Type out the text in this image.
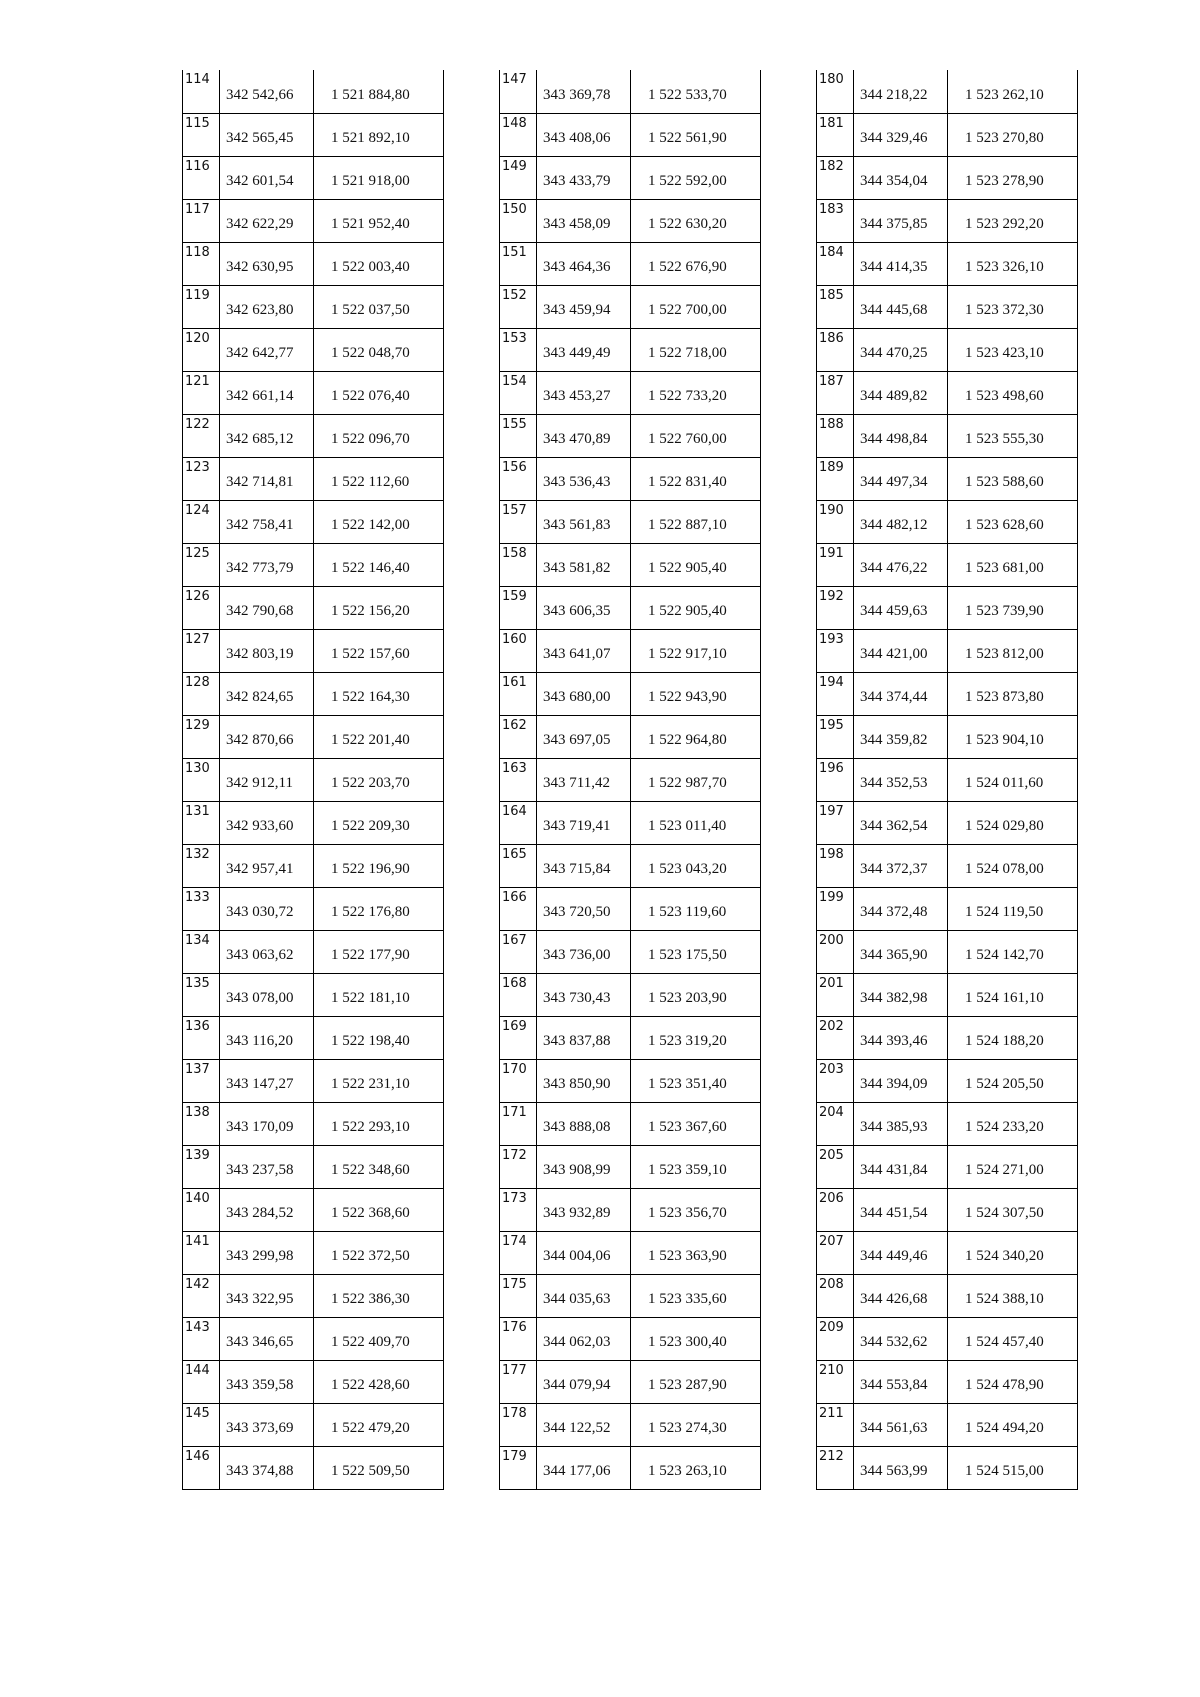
114	342 542,66	1 521 884,80
115	342 565,45	1 521 892,10
116	342 601,54	1 521 918,00
117	342 622,29	1 521 952,40
118	342 630,95	1 522 003,40
119	342 623,80	1 522 037,50
120	342 642,77	1 522 048,70
121	342 661,14	1 522 076,40
122	342 685,12	1 522 096,70
123	342 714,81	1 522 112,60
124	342 758,41	1 522 142,00
125	342 773,79	1 522 146,40
126	342 790,68	1 522 156,20
127	342 803,19	1 522 157,60
128	342 824,65	1 522 164,30
129	342 870,66	1 522 201,40
130	342 912,11	1 522 203,70
131	342 933,60	1 522 209,30
132	342 957,41	1 522 196,90
133	343 030,72	1 522 176,80
134	343 063,62	1 522 177,90
135	343 078,00	1 522 181,10
136	343 116,20	1 522 198,40
137	343 147,27	1 522 231,10
138	343 170,09	1 522 293,10
139	343 237,58	1 522 348,60
140	343 284,52	1 522 368,60
141	343 299,98	1 522 372,50
142	343 322,95	1 522 386,30
143	343 346,65	1 522 409,70
144	343 359,58	1 522 428,60
145	343 373,69	1 522 479,20
146	343 374,88	1 522 509,50
147	343 369,78	1 522 533,70
148	343 408,06	1 522 561,90
149	343 433,79	1 522 592,00
150	343 458,09	1 522 630,20
151	343 464,36	1 522 676,90
152	343 459,94	1 522 700,00
153	343 449,49	1 522 718,00
154	343 453,27	1 522 733,20
155	343 470,89	1 522 760,00
156	343 536,43	1 522 831,40
157	343 561,83	1 522 887,10
158	343 581,82	1 522 905,40
159	343 606,35	1 522 905,40
160	343 641,07	1 522 917,10
161	343 680,00	1 522 943,90
162	343 697,05	1 522 964,80
163	343 711,42	1 522 987,70
164	343 719,41	1 523 011,40
165	343 715,84	1 523 043,20
166	343 720,50	1 523 119,60
167	343 736,00	1 523 175,50
168	343 730,43	1 523 203,90
169	343 837,88	1 523 319,20
170	343 850,90	1 523 351,40
171	343 888,08	1 523 367,60
172	343 908,99	1 523 359,10
173	343 932,89	1 523 356,70
174	344 004,06	1 523 363,90
175	344 035,63	1 523 335,60
176	344 062,03	1 523 300,40
177	344 079,94	1 523 287,90
178	344 122,52	1 523 274,30
179	344 177,06	1 523 263,10
180	344 218,22	1 523 262,10
181	344 329,46	1 523 270,80
182	344 354,04	1 523 278,90
183	344 375,85	1 523 292,20
184	344 414,35	1 523 326,10
185	344 445,68	1 523 372,30
186	344 470,25	1 523 423,10
187	344 489,82	1 523 498,60
188	344 498,84	1 523 555,30
189	344 497,34	1 523 588,60
190	344 482,12	1 523 628,60
191	344 476,22	1 523 681,00
192	344 459,63	1 523 739,90
193	344 421,00	1 523 812,00
194	344 374,44	1 523 873,80
195	344 359,82	1 523 904,10
196	344 352,53	1 524 011,60
197	344 362,54	1 524 029,80
198	344 372,37	1 524 078,00
199	344 372,48	1 524 119,50
200	344 365,90	1 524 142,70
201	344 382,98	1 524 161,10
202	344 393,46	1 524 188,20
203	344 394,09	1 524 205,50
204	344 385,93	1 524 233,20
205	344 431,84	1 524 271,00
206	344 451,54	1 524 307,50
207	344 449,46	1 524 340,20
208	344 426,68	1 524 388,10
209	344 532,62	1 524 457,40
210	344 553,84	1 524 478,90
211	344 561,63	1 524 494,20
212	344 563,99	1 524 515,00
